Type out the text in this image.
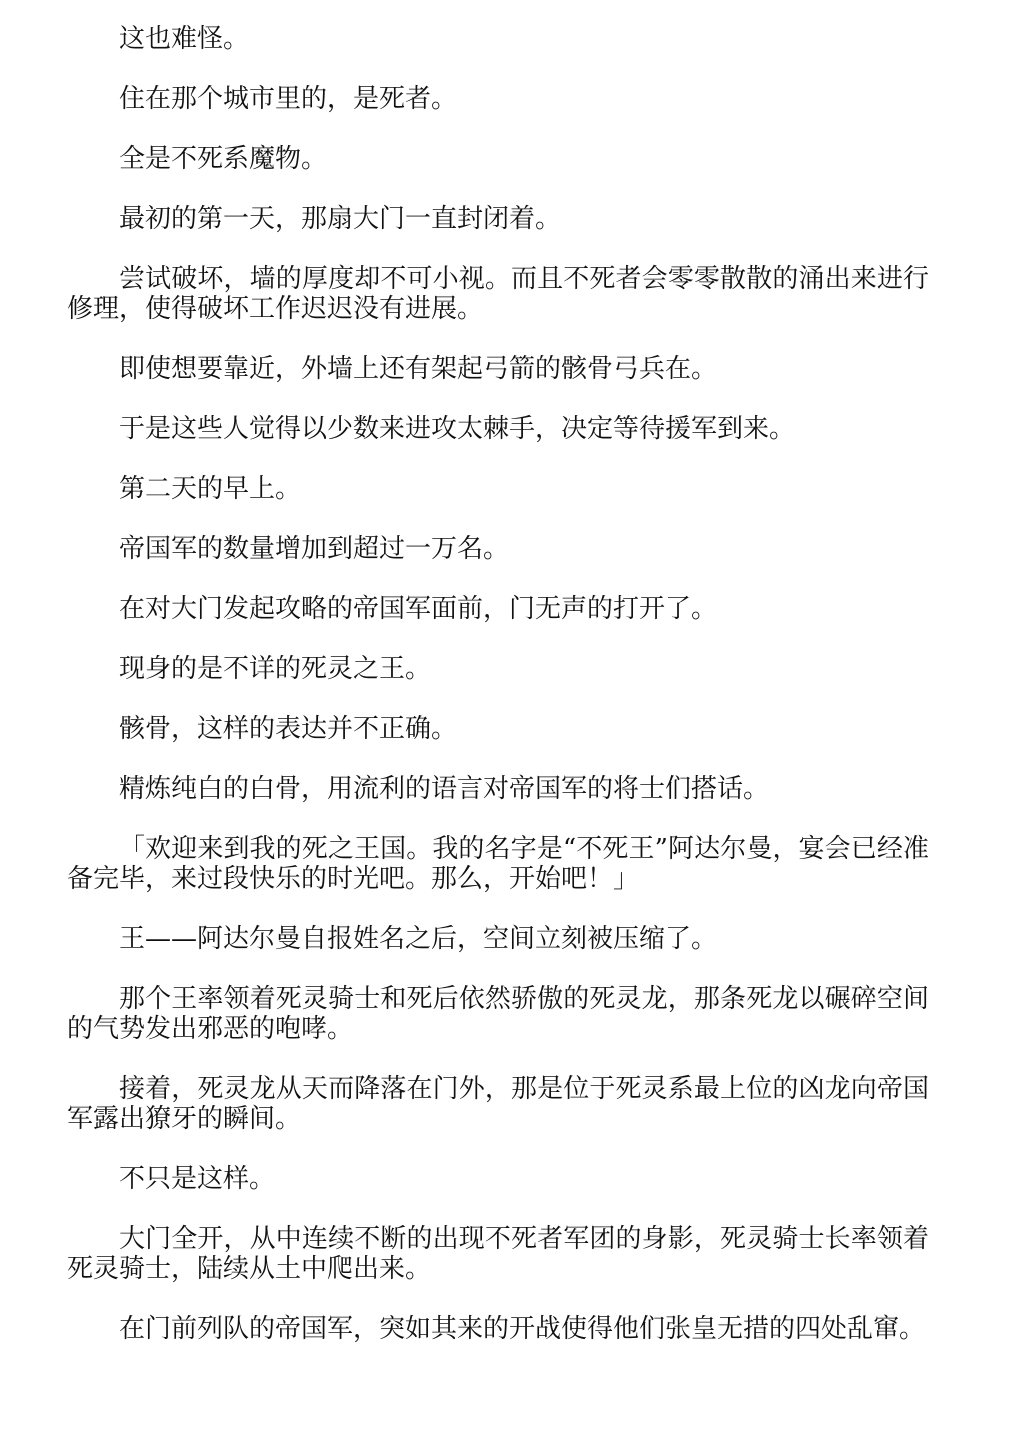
这也难怪。

住在那个城市里的，是死者。

全是不死系魔物。

最初的第一天，那扇大门一直封闭着。

尝试破坏，墙的厚度却不可小视。而且不死者会零零散散的涌出来进行修理，使得破坏工作迟迟没有进展。

即使想要靠近，外墙上还有架起弓箭的骸骨弓兵在。

于是这些人觉得以少数来进攻太棘手，决定等待援军到来。

第二天的早上。

帝国军的数量增加到超过一万名。

在对大门发起攻略的帝国军面前，门无声的打开了。

现身的是不详的死灵之王。

骸骨，这样的表达并不正确。

精炼纯白的白骨，用流利的语言对帝国军的将士们搭话。

「欢迎来到我的死之王国。我的名字是“不死王”阿达尔曼，宴会已经准备完毕，来过段快乐的时光吧。那么，开始吧！」

王——阿达尔曼自报姓名之后，空间立刻被压缩了。

那个王率领着死灵骑士和死后依然骄傲的死灵龙，那条死龙以碾碎空间的气势发出邪恶的咆哮。

接着，死灵龙从天而降落在门外，那是位于死灵系最上位的凶龙向帝国军露出獠牙的瞬间。

不只是这样。

大门全开，从中连续不断的出现不死者军团的身影，死灵骑士长率领着死灵骑士，陆续从土中爬出来。

在门前列队的帝国军，突如其来的开战使得他们张皇无措的四处乱窜。
